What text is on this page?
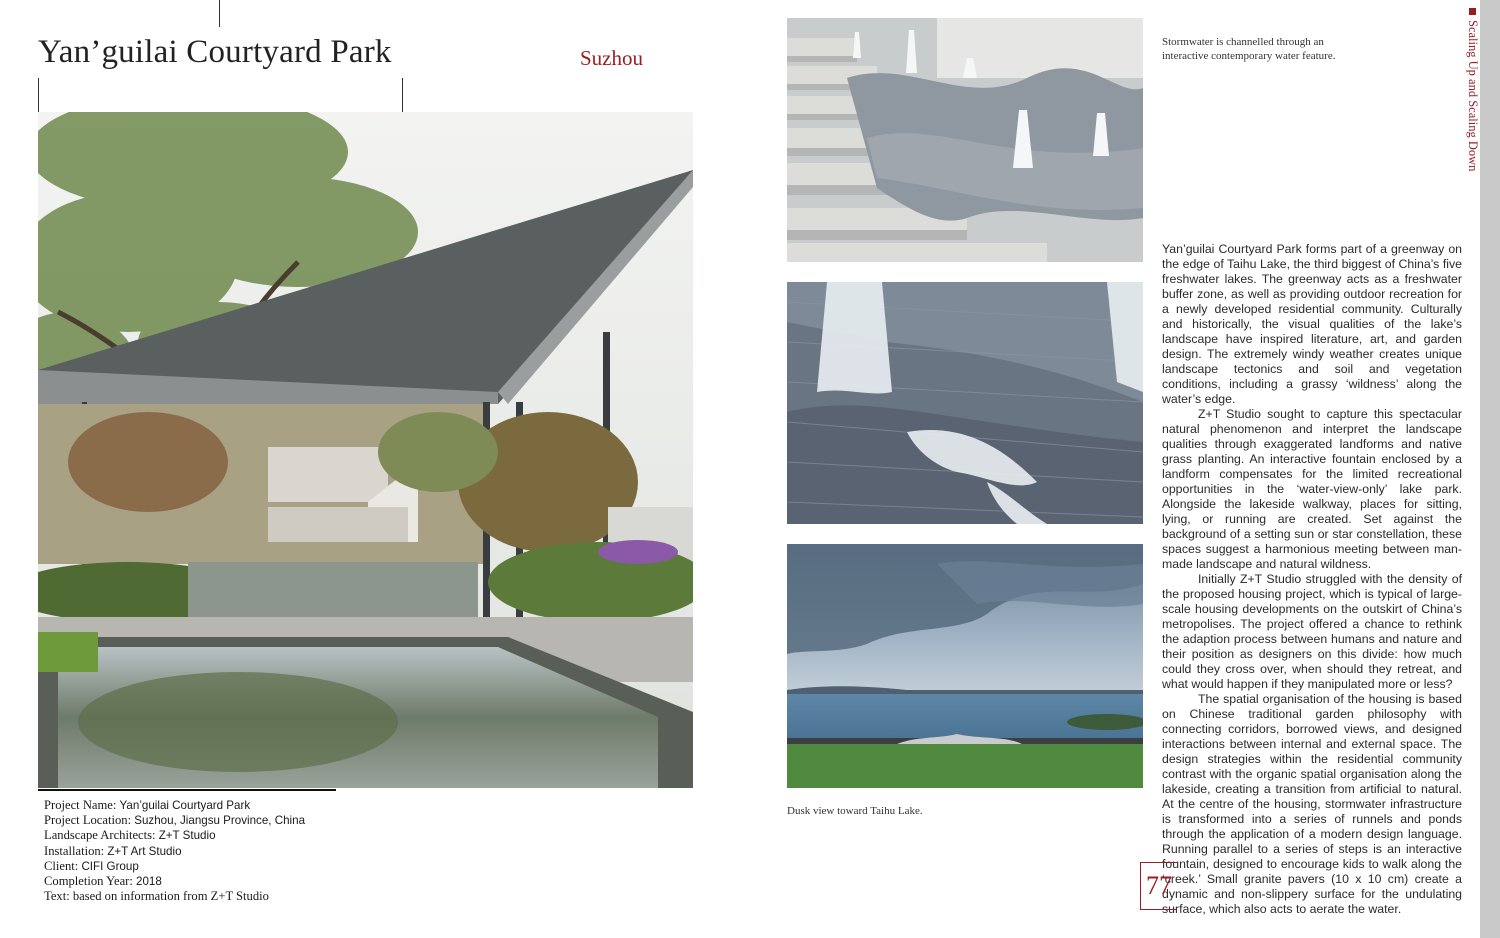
Yan’guilai Courtyard Park	Suzhou
Project Name: Yan’guilai Courtyard Park
Project Location: Suzhou, Jiangsu Province, China
Landscape Architects: Z+T Studio
Installation: Z+T Art Studio
Client: CIFI Group
Completion Year: 2018
Text: based on information from Z+T Studio
Stormwater is channelled through an interactive contemporary water feature.
Dusk view toward Taihu Lake.

Yan’guilai Courtyard Park forms part of a greenway on the edge of Taihu Lake, the third biggest of China’s five freshwater lakes. The greenway acts as a freshwater buffer zone, as well as providing outdoor recreation for a newly developed residential community. Culturally and historically, the visual qualities of the lake’s landscape have inspired literature, art, and garden design. The extremely windy weather creates unique landscape tectonics and soil and vegetation conditions, including a grassy ‘wildness’ along the water’s edge.

Z+T Studio sought to capture this spectacular natural phenomenon and interpret the landscape qualities through exaggerated landforms and native grass planting. An interactive fountain enclosed by a landform compensates for the limited recreational opportunities in the ‘water-view-only’ lake park. Alongside the lakeside walkway, places for sitting, lying, or running are created. Set against the background of a setting sun or star constellation, these spaces suggest a harmonious meeting between man-made landscape and natural wildness.

Initially Z+T Studio struggled with the density of the proposed housing project, which is typical of large-scale housing developments on the outskirt of China’s metropolises. The project offered a chance to rethink the adaption process between humans and nature and their position as designers on this divide: how much could they cross over, when should they retreat, and what would happen if they manipulated more or less?

The spatial organisation of the housing is based on Chinese traditional garden philosophy with connecting corridors, borrowed views, and designed interactions between internal and external space. The design strategies within the residential community contrast with the organic spatial organisation along the lakeside, creating a transition from artificial to natural. At the centre of the housing, stormwater infrastructure is transformed into a series of runnels and ponds through the application of a modern design language. Running parallel to a series of steps is an interactive fountain, designed to encourage kids to walk along the ‘creek.’ Small granite pavers (10 x 10 cm) create a dynamic and non-slippery surface for the undulating surface, which also acts to aerate the water.

77
Scaling Up and Scaling Down
